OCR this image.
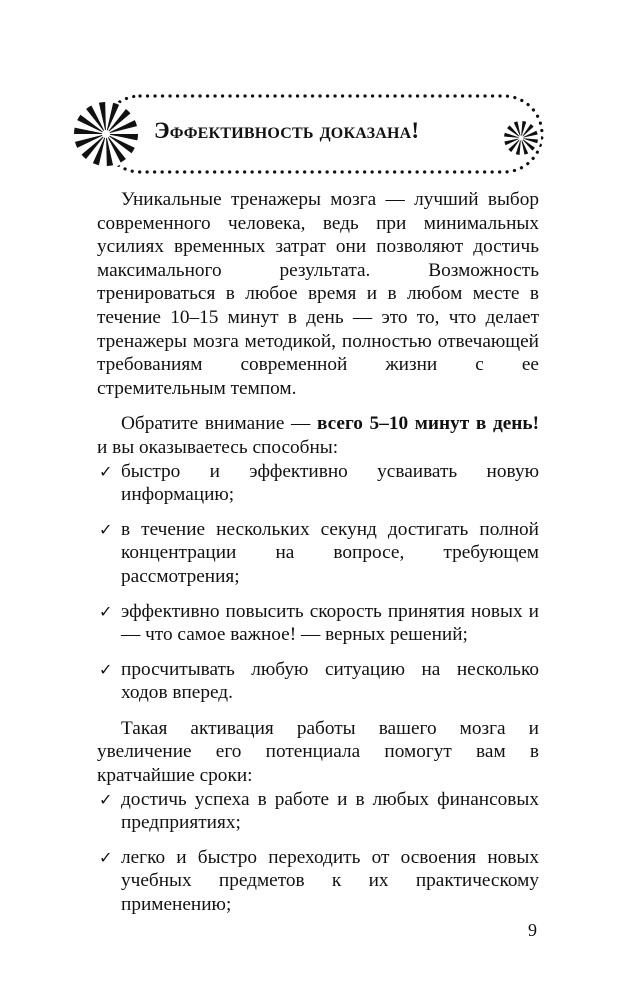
Эффективность доказана!

Уникальные тренажеры мозга — лучший выбор современного человека, ведь при минимальных усилиях временных затрат они позволяют достичь максимального результата. Возможность тренироваться в любое время и в любом месте в течение 10–15 минут в день — это то, что делает тренажеры мозга методикой, полностью отвечающей требованиям современной жизни с ее стремительным темпом.

Обратите внимание — всего 5–10 минут в день! и вы оказываетесь способны:

✓ быстро и эффективно усваивать новую информацию;
✓ в течение нескольких секунд достигать полной концентрации на вопросе, требующем рассмотрения;
✓ эффективно повысить скорость принятия новых и — что самое важное! — верных решений;
✓ просчитывать любую ситуацию на несколько ходов вперед.

Такая активация работы вашего мозга и увеличение его потенциала помогут вам в кратчайшие сроки:

✓ достичь успеха в работе и в любых финансовых предприятиях;
✓ легко и быстро переходить от освоения новых учебных предметов к их практическому применению;
9
